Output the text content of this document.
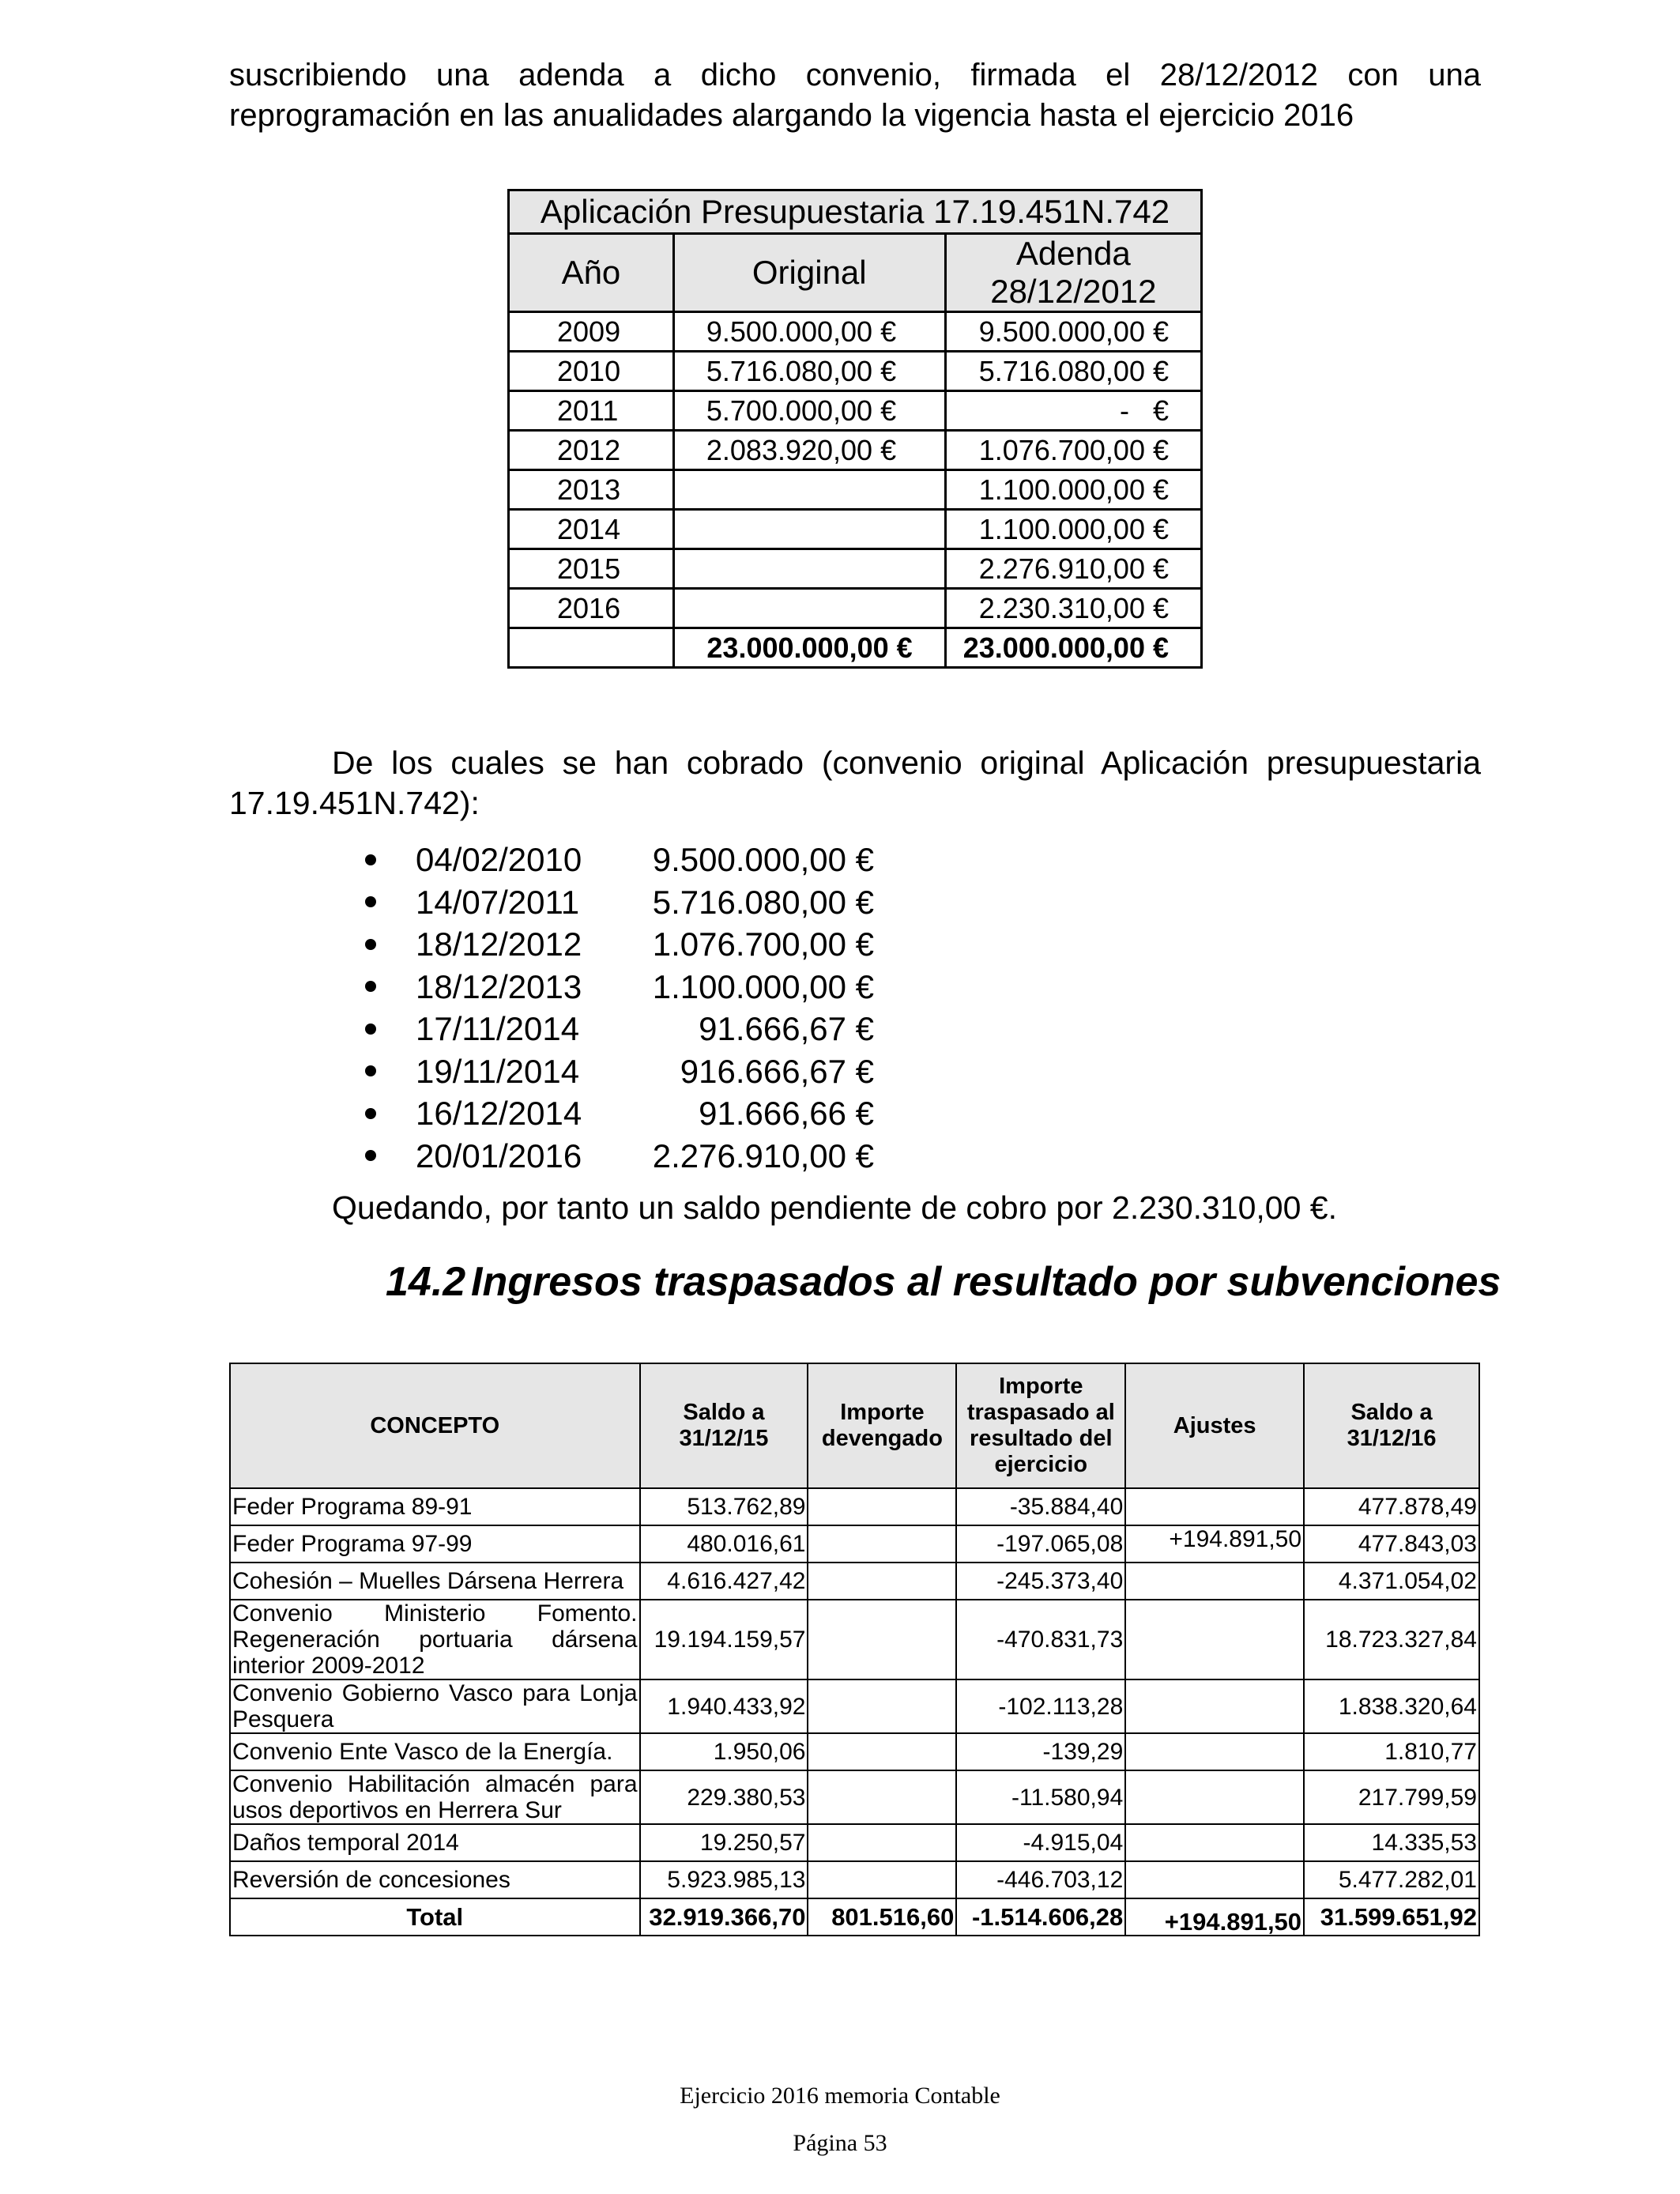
suscribiendo una adenda a dicho convenio, firmada el 28/12/2012 con una
reprogramación en las anualidades alargando la vigencia hasta el ejercicio 2016
Aplicación Presupuestaria 17.19.451N.742		
Año	Original	Adenda
28/12/2012
2009	9.500.000,00 €	9.500.000,00 €
2010	5.716.080,00 €	5.716.080,00 €
2011	5.700.000,00 €	-   €
2012	2.083.920,00 €	1.076.700,00 €
2013		1.100.000,00 €
2014		1.100.000,00 €
2015		2.276.910,00 €
2016		2.230.310,00 €
	23.000.000,00 €	23.000.000,00 €
De los cuales se han cobrado (convenio original Aplicación presupuestaria
17.19.451N.742):
04/02/2010	9.500.000,00 €
14/07/2011	5.716.080,00 €
18/12/2012	1.076.700,00 €
18/12/2013	1.100.000,00 €
17/11/2014	91.666,67 €
19/11/2014	916.666,67 €
16/12/2014	91.666,66 €
20/01/2016	2.276.910,00 €
Quedando, por tanto un saldo pendiente de cobro por 2.230.310,00 €.
14.2 Ingresos traspasados al resultado por subvenciones
CONCEPTO	Saldo a 31/12/15	Importe devengado	Importe traspasado al resultado del ejercicio	Ajustes	Saldo a 31/12/16
Feder Programa 89-91	513.762,89		-35.884,40		477.878,49
Feder Programa 97-99	480.016,61		-197.065,08	+194.891,50	477.843,03
Cohesión – Muelles Dársena Herrera	4.616.427,42		-245.373,40		4.371.054,02
Convenio Ministerio Fomento. Regeneración portuaria dársena interior 2009-2012	19.194.159,57		-470.831,73		18.723.327,84
Convenio Gobierno Vasco para Lonja Pesquera	1.940.433,92		-102.113,28		1.838.320,64
Convenio Ente Vasco de la Energía.	1.950,06		-139,29		1.810,77
Convenio Habilitación almacén para usos deportivos en Herrera Sur	229.380,53		-11.580,94		217.799,59
Daños temporal 2014	19.250,57		-4.915,04		14.335,53
Reversión de concesiones	5.923.985,13		-446.703,12		5.477.282,01
Total	32.919.366,70	801.516,60	-1.514.606,28	+194.891,50	31.599.651,92
Ejercicio 2016 memoria Contable
Página 53
